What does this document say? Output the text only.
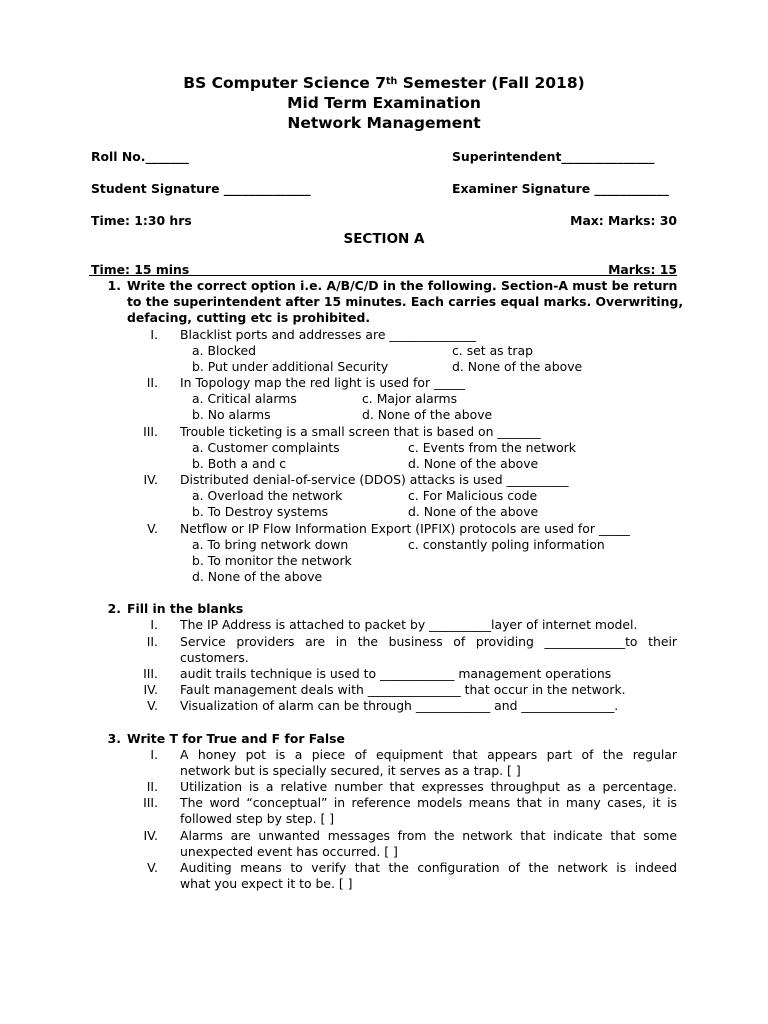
BS Computer Science 7th Semester (Fall 2018)
Mid Term Examination
Network Management
Roll No._______	Superintendent_______________
Student Signature ______________	Examiner Signature ____________
Time: 1:30 hrs	Max: Marks: 30
SECTION A
Time: 15 mins	Marks: 15
1. Write the correct option i.e. A/B/C/D in the following. Section-A must be return
to the superintendent after 15 minutes. Each carries equal marks. Overwriting,
defacing, cutting etc is prohibited.
I. Blacklist ports and addresses are ______________
a. Blocked	c. set as trap
b. Put under additional Security	d. None of the above
II. In Topology map the red light is used for _____
a. Critical alarms	c. Major alarms
b. No alarms	d. None of the above
III. Trouble ticketing is a small screen that is based on _______
a. Customer complaints	c. Events from the network
b. Both a and c	d. None of the above
IV. Distributed denial-of-service (DDOS) attacks is used __________
a. Overload the network	c. For Malicious code
b. To Destroy systems	d. None of the above
V. Netflow or IP Flow Information Export (IPFIX) protocols are used for _____
a. To bring network down	c. constantly poling information
b. To monitor the network
d. None of the above
2. Fill in the blanks
I. The IP Address is attached to packet by __________layer of internet model.
II. Service providers are in the business of providing _____________to their
customers.
III. audit trails technique is used to ____________ management operations
IV. Fault management deals with _______________ that occur in the network.
V. Visualization of alarm can be through ____________ and _______________.
3. Write T for True and F for False
I. A honey pot is a piece of equipment that appears part of the regular
network but is specially secured, it serves as a trap. [ ]
II. Utilization is a relative number that expresses throughput as a percentage.
III. The word “conceptual” in reference models means that in many cases, it is
followed step by step. [ ]
IV. Alarms are unwanted messages from the network that indicate that some
unexpected event has occurred. [ ]
V. Auditing means to verify that the configuration of the network is indeed
what you expect it to be. [ ]
